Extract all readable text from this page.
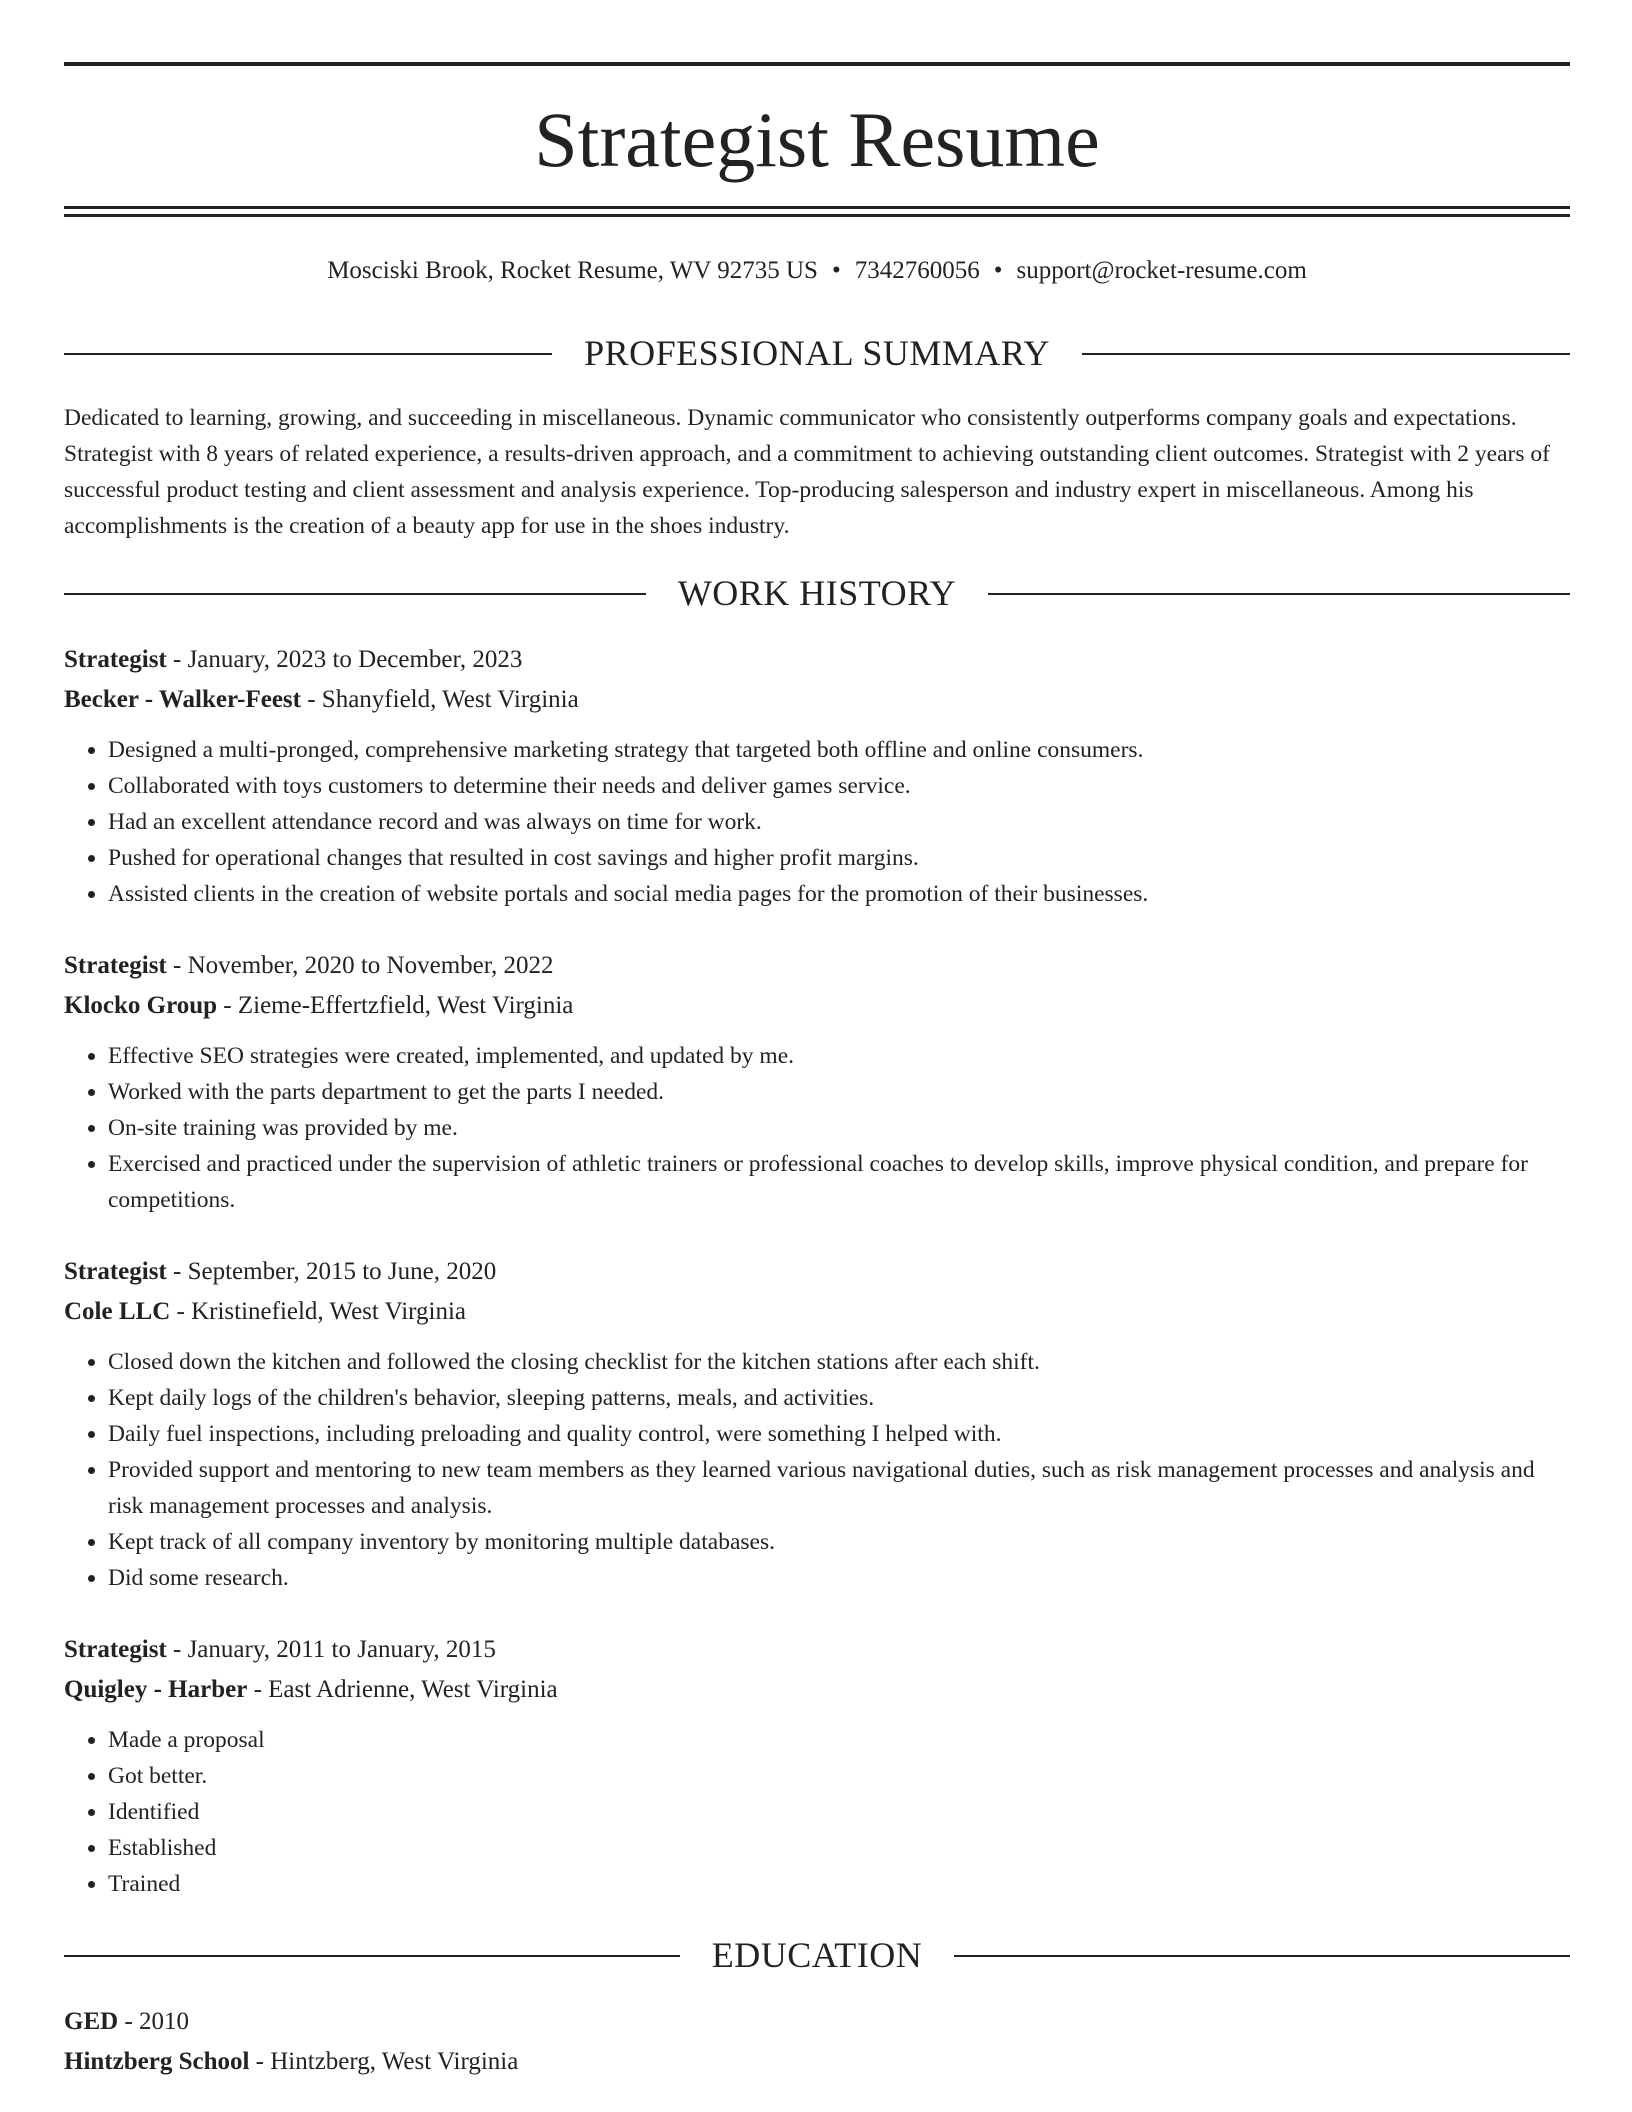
Strategist Resume
Mosciski Brook, Rocket Resume, WV 92735 US • 7342760056 • support@rocket-resume.com
PROFESSIONAL SUMMARY

Dedicated to learning, growing, and succeeding in miscellaneous. Dynamic communicator who consistently outperforms company goals and expectations. Strategist with 8 years of related experience, a results-driven approach, and a commitment to achieving outstanding client outcomes. Strategist with 2 years of successful product testing and client assessment and analysis experience. Top-producing salesperson and industry expert in miscellaneous. Among his accomplishments is the creation of a beauty app for use in the shoes industry.

WORK HISTORY
Strategist - January, 2023 to December, 2023
Becker - Walker-Feest - Shanyfield, West Virginia
• Designed a multi-pronged, comprehensive marketing strategy that targeted both offline and online consumers.
• Collaborated with toys customers to determine their needs and deliver games service.
• Had an excellent attendance record and was always on time for work.
• Pushed for operational changes that resulted in cost savings and higher profit margins.
• Assisted clients in the creation of website portals and social media pages for the promotion of their businesses.
Strategist - November, 2020 to November, 2022
Klocko Group - Zieme-Effertzfield, West Virginia
• Effective SEO strategies were created, implemented, and updated by me.
• Worked with the parts department to get the parts I needed.
• On-site training was provided by me.
• Exercised and practiced under the supervision of athletic trainers or professional coaches to develop skills, improve physical condition, and prepare for competitions.
Strategist - September, 2015 to June, 2020
Cole LLC - Kristinefield, West Virginia
• Closed down the kitchen and followed the closing checklist for the kitchen stations after each shift.
• Kept daily logs of the children's behavior, sleeping patterns, meals, and activities.
• Daily fuel inspections, including preloading and quality control, were something I helped with.
• Provided support and mentoring to new team members as they learned various navigational duties, such as risk management processes and analysis and risk management processes and analysis.
• Kept track of all company inventory by monitoring multiple databases.
• Did some research.
Strategist - January, 2011 to January, 2015
Quigley - Harber - East Adrienne, West Virginia
• Made a proposal
• Got better.
• Identified
• Established
• Trained
EDUCATION
GED - 2010
Hintzberg School - Hintzberg, West Virginia
